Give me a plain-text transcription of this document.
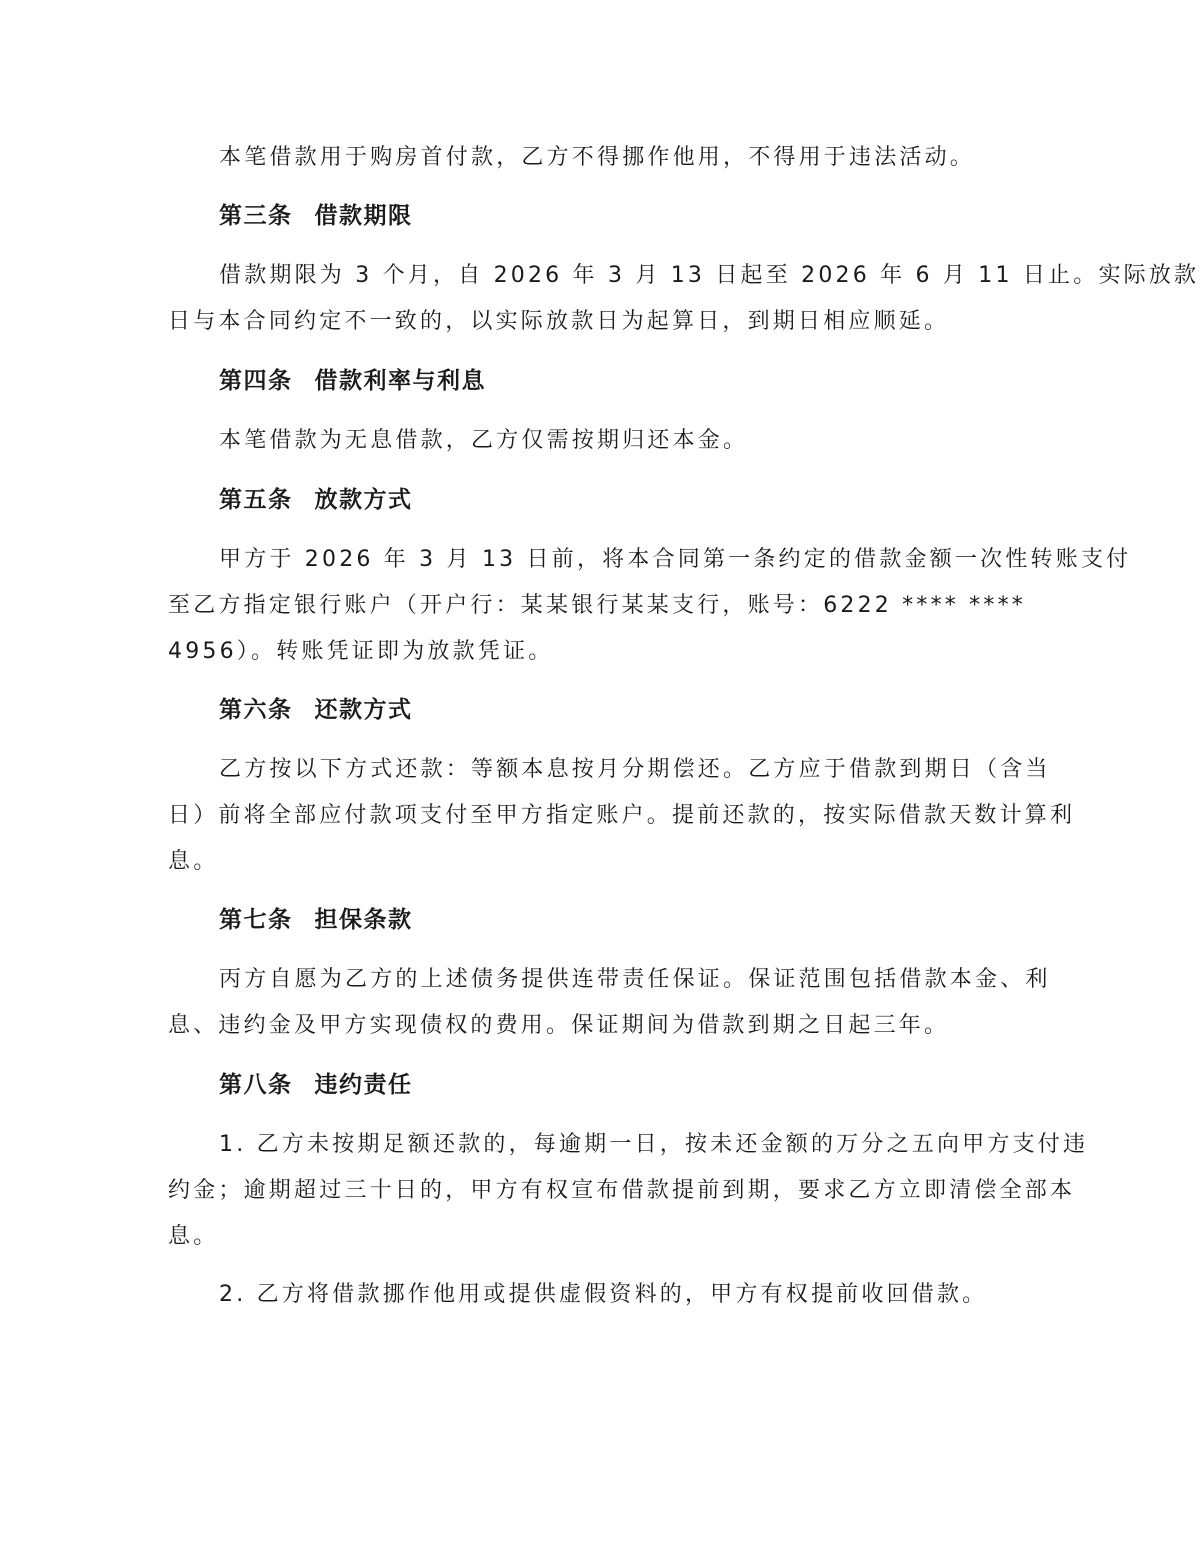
本笔借款用于购房首付款，乙方不得挪作他用，不得用于违法活动。
第三条 借款期限
借款期限为 3 个月，自 2026 年 3 月 13 日起至 2026 年 6 月 11 日止。实际放款
日与本合同约定不一致的，以实际放款日为起算日，到期日相应顺延。
第四条 借款利率与利息
本笔借款为无息借款，乙方仅需按期归还本金。
第五条 放款方式
甲方于 2026 年 3 月 13 日前，将本合同第一条约定的借款金额一次性转账支付
至乙方指定银行账户（开户行：某某银行某某支行，账号：6222 **** ****
4956）。转账凭证即为放款凭证。
第六条 还款方式
乙方按以下方式还款：等额本息按月分期偿还。乙方应于借款到期日（含当
日）前将全部应付款项支付至甲方指定账户。提前还款的，按实际借款天数计算利
息。
第七条 担保条款
丙方自愿为乙方的上述债务提供连带责任保证。保证范围包括借款本金、利
息、违约金及甲方实现债权的费用。保证期间为借款到期之日起三年。
第八条 违约责任
1. 乙方未按期足额还款的，每逾期一日，按未还金额的万分之五向甲方支付违
约金；逾期超过三十日的，甲方有权宣布借款提前到期，要求乙方立即清偿全部本
息。
2. 乙方将借款挪作他用或提供虚假资料的，甲方有权提前收回借款。
